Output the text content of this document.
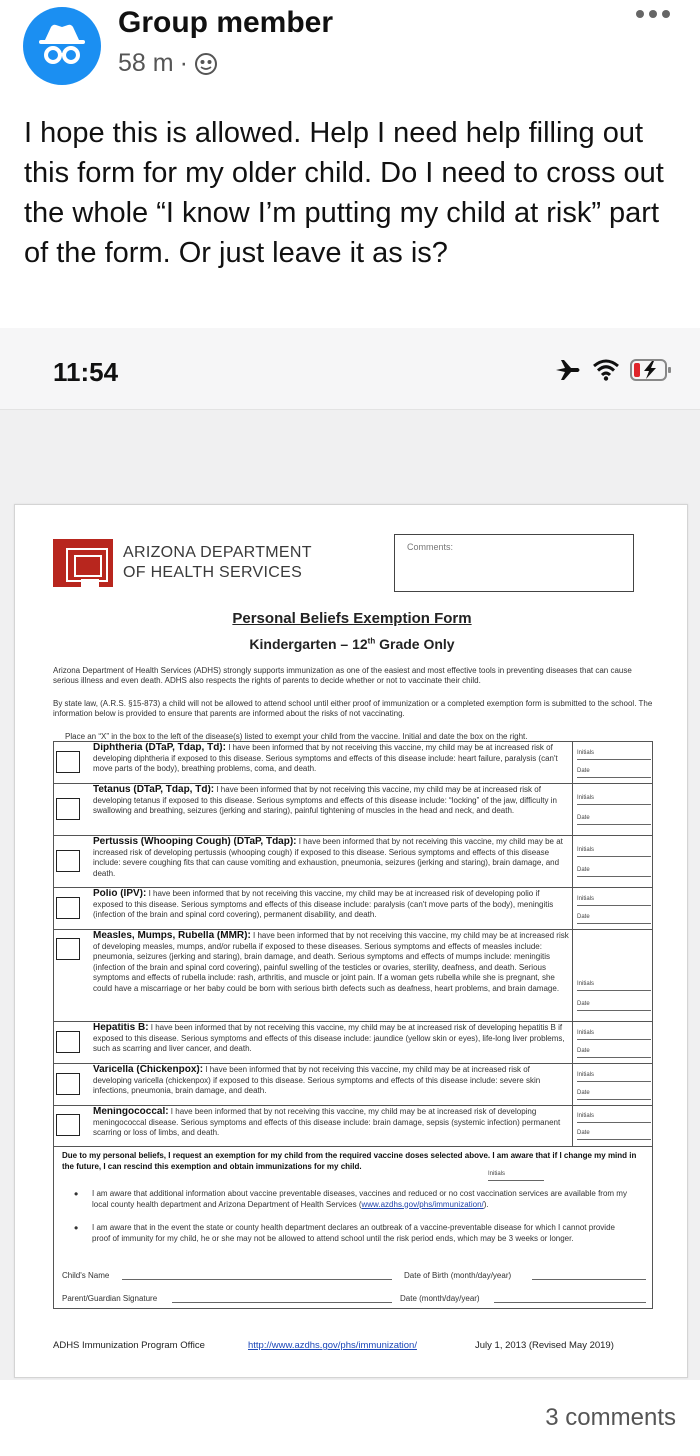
Group member
58 m ·
I hope this is allowed. Help I need help filling out this form for my older child. Do I need to cross out the whole “I know I’m putting my child at risk” part of the form. Or just leave it as is?
11:54
ARIZONA DEPARTMENT
OF HEALTH SERVICES
Comments:
Personal Beliefs Exemption Form
Kindergarten – 12th Grade Only
Arizona Department of Health Services (ADHS) strongly supports immunization as one of the easiest and most effective tools in preventing diseases that can cause serious illness and even death. ADHS also respects the rights of parents to decide whether or not to vaccinate their child.
By state law, (A.R.S. §15-873) a child will not be allowed to attend school until either proof of immunization or a completed exemption form is submitted to the school. The information below is provided to ensure that parents are informed about the risks of not vaccinating.
Place an “X” in the box to the left of the disease(s) listed to exempt your child from the vaccine. Initial and date the box on the right.
Diphtheria (DTaP, Tdap, Td): I have been informed that by not receiving this vaccine, my child may be at increased risk of developing diphtheria if exposed to this disease. Serious symptoms and effects of this disease include: heart failure, paralysis (can't move parts of the body), breathing problems, coma, and death.
Initials
Date
Tetanus (DTaP, Tdap, Td): I have been informed that by not receiving this vaccine, my child may be at increased risk of developing tetanus if exposed to this disease. Serious symptoms and effects of this disease include: “locking” of the jaw, difficulty in swallowing and breathing, seizures (jerking and staring), painful tightening of muscles in the head and neck, and death.
Initials
Date
Pertussis (Whooping Cough) (DTaP, Tdap): I have been informed that by not receiving this vaccine, my child may be at increased risk of developing pertussis (whooping cough) if exposed to this disease. Serious symptoms and effects of this disease include: severe coughing fits that can cause vomiting and exhaustion, pneumonia, seizures (jerking and staring), brain damage, and death.
Initials
Date
Polio (IPV): I have been informed that by not receiving this vaccine, my child may be at increased risk of developing polio if exposed to this disease. Serious symptoms and effects of this disease include: paralysis (can't move parts of the body), meningitis (infection of the brain and spinal cord covering), permanent disability, and death.
Initials
Date
Measles, Mumps, Rubella (MMR): I have been informed that by not receiving this vaccine, my child may be at increased risk of developing measles, mumps, and/or rubella if exposed to these diseases. Serious symptoms and effects of measles include: pneumonia, seizures (jerking and staring), brain damage, and death. Serious symptoms and effects of mumps include: meningitis (infection of the brain and spinal cord covering), painful swelling of the testicles or ovaries, sterility, deafness, and death. Serious symptoms and effects of rubella include: rash, arthritis, and muscle or joint pain. If a woman gets rubella while she is pregnant, she could have a miscarriage or her baby could be born with serious birth defects such as deafness, heart problems, and brain damage.	Initials
Date
Hepatitis B: I have been informed that by not receiving this vaccine, my child may be at increased risk of developing hepatitis B if exposed to this disease. Serious symptoms and effects of this disease include: jaundice (yellow skin or eyes), life-long liver problems, such as scarring and liver cancer, and death.
Initials
Date
Varicella (Chickenpox): I have been informed that by not receiving this vaccine, my child may be at increased risk of developing varicella (chickenpox) if exposed to this disease. Serious symptoms and effects of this disease include: severe skin infections, pneumonia, brain damage, and death.
Initials
Date
Meningococcal: I have been informed that by not receiving this vaccine, my child may be at increased risk of developing meningococcal disease. Serious symptoms and effects of this disease include: brain damage, sepsis (systemic infection) permanent scarring or loss of limbs, and death.
Initials
Date
Due to my personal beliefs, I request an exemption for my child from the required vaccine doses selected above. I am aware that if I change my mind in the future, I can rescind this exemption and obtain immunizations for my child.
Initials
•	I am aware that additional information about vaccine preventable diseases, vaccines and reduced or no cost vaccination services are available from my local county health department and Arizona Department of Health Services (www.azdhs.gov/phs/immunization/).
•	I am aware that in the event the state or county health department declares an outbreak of a vaccine-preventable disease for which I cannot provide proof of immunity for my child, he or she may not be allowed to attend school until the risk period ends, which may be 3 weeks or longer.
Child's Name	Date of Birth (month/day/year)
Parent/Guardian Signature	Date (month/day/year)
ADHS Immunization Program Office	http://www.azdhs.gov/phs/immunization/	July 1, 2013 (Revised May 2019)
3 comments
